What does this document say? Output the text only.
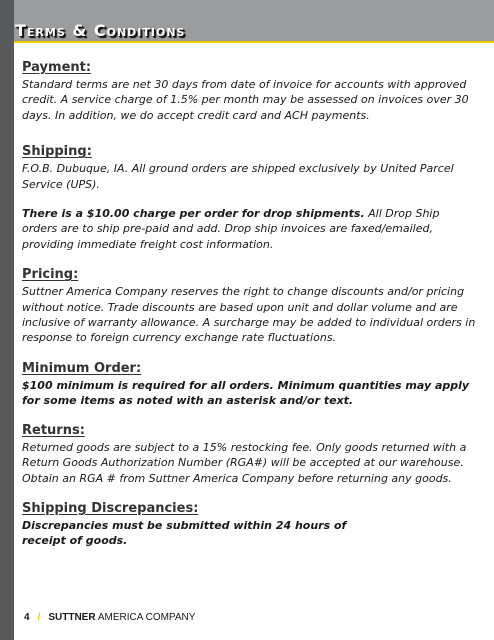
Terms & Conditions
Payment:

Standard terms are net 30 days from date of invoice for accounts with approved credit. A service charge of 1.5% per month may be assessed on invoices over 30 days. In addition, we do accept credit card and ACH payments.

Shipping:

F.O.B. Dubuque, IA. All ground orders are shipped exclusively by United Parcel Service (UPS).

There is a $10.00 charge per order for drop shipments. All Drop Ship orders are to ship pre-paid and add. Drop ship invoices are faxed/emailed, providing immediate freight cost information.

Pricing:

Suttner America Company reserves the right to change discounts and/or pricing without notice. Trade discounts are based upon unit and dollar volume and are inclusive of warranty allowance. A surcharge may be added to individual orders in response to foreign currency exchange rate fluctuations.

Minimum Order:

$100 minimum is required for all orders. Minimum quantities may apply for some items as noted with an asterisk and/or text.

Returns:

Returned goods are subject to a 15% restocking fee. Only goods returned with a Return Goods Authorization Number (RGA#) will be accepted at our warehouse. Obtain an RGA # from Suttner America Company before returning any goods.

Shipping Discrepancies:

Discrepancies must be submitted within 24 hours of receipt of goods.

4 / SUTTNER AMERICA COMPANY
